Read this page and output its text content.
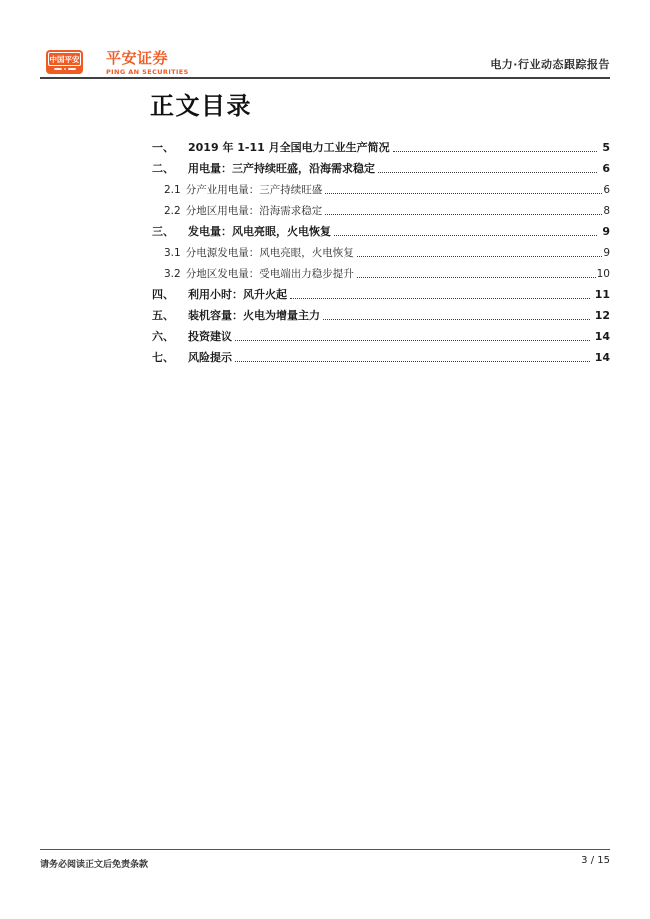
中国平安 平安证券
PING AN SECURITIES
电力·行业动态跟踪报告
正文目录
一、	2019 年 1-11 月全国电力工业生产简况	5
二、	用电量：三产持续旺盛，沿海需求稳定	6
2.1 分产业用电量：三产持续旺盛	6
2.2 分地区用电量：沿海需求稳定	8
三、	发电量：风电亮眼，火电恢复	9
3.1 分电源发电量：风电亮眼，火电恢复	9
3.2 分地区发电量：受电端出力稳步提升	10
四、	利用小时：风升火起	11
五、	装机容量：火电为增量主力	12
六、	投资建议	14
七、	风险提示	14
请务必阅读正文后免责条款	3 / 15
